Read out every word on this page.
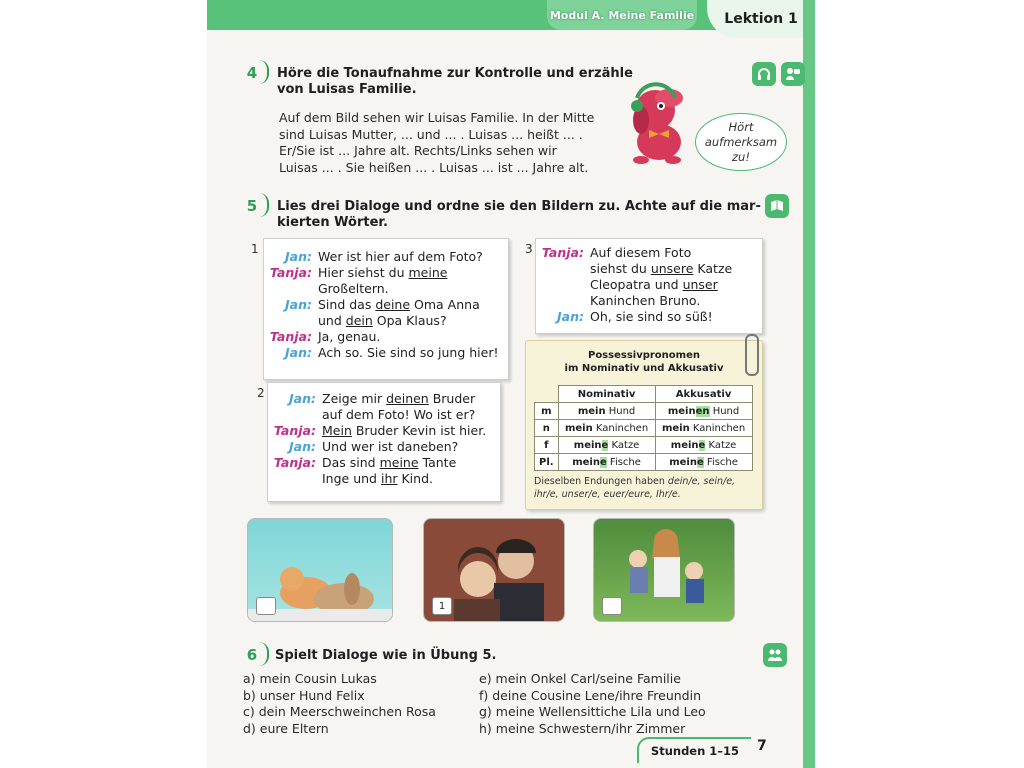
Modul A. Meine Familie	Lektion 1
4	Höre die Tonaufnahme zur Kontrolle und erzähle
von Luisas Familie.
Auf dem Bild sehen wir Luisas Familie. In der Mitte
sind Luisas Mutter, ... und ... . Luisas ... heißt ... .
Er/Sie ist ... Jahre alt. Rechts/Links sehen wir
Luisas ... . Sie heißen ... . Luisas ... ist ... Jahre alt.
Hört
aufmerksam
zu!
5	Lies drei Dialoge und ordne sie den Bildern zu. Achte auf die mar-
kierten Wörter.
1	Jan: Wer ist hier auf dem Foto?
Tanja: Hier siehst du meine
Großeltern.
Jan: Sind das deine Oma Anna
und dein Opa Klaus?
Tanja: Ja, genau.
Jan: Ach so. Sie sind so jung hier!
2	Jan: Zeige mir deinen Bruder
auf dem Foto! Wo ist er?
Tanja: Mein Bruder Kevin ist hier.
Jan: Und wer ist daneben?
Tanja: Das sind meine Tante
Inge und ihr Kind.
3 Tanja: Auf diesem Foto
siehst du unsere Katze
Cleopatra und unser
Kaninchen Bruno.
Jan: Oh, sie sind so süß!
Possessivpronomen
im Nominativ und Akkusativ
	Nominativ	Akkusativ
m	mein Hund	meinen Hund
n	mein Kaninchen	mein Kaninchen
f	meine Katze	meine Katze
Pl.	meine Fische	meine Fische
Dieselben Endungen haben dein/e, sein/e, ihr/e, unser/e, euer/eure, Ihr/e.
1
6	Spielt Dialoge wie in Übung 5.
a) mein Cousin Lukas
b) unser Hund Felix
c) dein Meerschweinchen Rosa
d) eure Eltern
e) mein Onkel Carl/seine Familie
f) deine Cousine Lene/ihre Freundin
g) meine Wellensittiche Lila und Leo
h) meine Schwestern/ihr Zimmer
Stunden 1–15	7
